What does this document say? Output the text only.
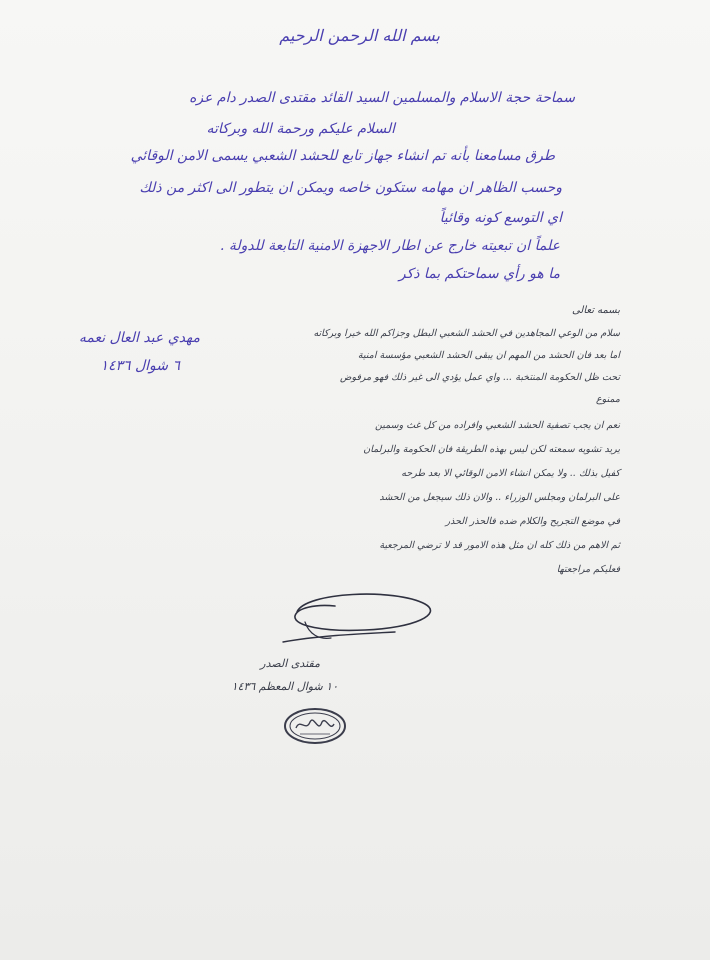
بسم الله الرحمن الرحيم
سماحة حجة الاسلام والمسلمين السيد القائد مقتدى الصدر دام عزه
السلام عليكم ورحمة الله وبركاته
طرق مسامعنا بأنه تم انشاء جهاز تابع للحشد الشعبي يسمى الامن الوقائي
وحسب الظاهر ان مهامه ستكون خاصه ويمكن ان يتطور الى اكثر من ذلك
اي التوسع كونه وقائياً
علماً ان تبعيته خارج عن اطار الاجهزة الامنية التابعة للدولة .
ما هو رأي سماحتكم بما ذكر
مهدي عبد العال نعمه
٦ شوال ١٤٣٦
بسمه تعالى
سلام من الوعي المجاهدين في الحشد الشعبي البطل وجزاكم الله خيرا وبركاته
اما بعد فان الحشد من المهم ان يبقى الحشد الشعبي مؤسسة امنية
تحت ظل الحكومة المنتخبة ... واي عمل يؤدي الى غير ذلك فهو مرفوض
ممنوع
نعم ان يجب تصفية الحشد الشعبي وافراده من كل غث وسمين
يريد تشويه سمعته لكن ليس بهذه الطريقة فان الحكومة والبرلمان
كفيل بذلك .. ولا يمكن انشاء الامن الوقائي الا بعد طرحه
على البرلمان ومجلس الوزراء .. والان ذلك سيجعل من الحشد
في موضع التجريح والكلام ضده فالحذر الحذر
ثم الاهم من ذلك كله ان مثل هذه الامور قد لا ترضي المرجعية
فعليكم مراجعتها
مقتدى الصدر
١٠ شوال المعظم ١٤٣٦
